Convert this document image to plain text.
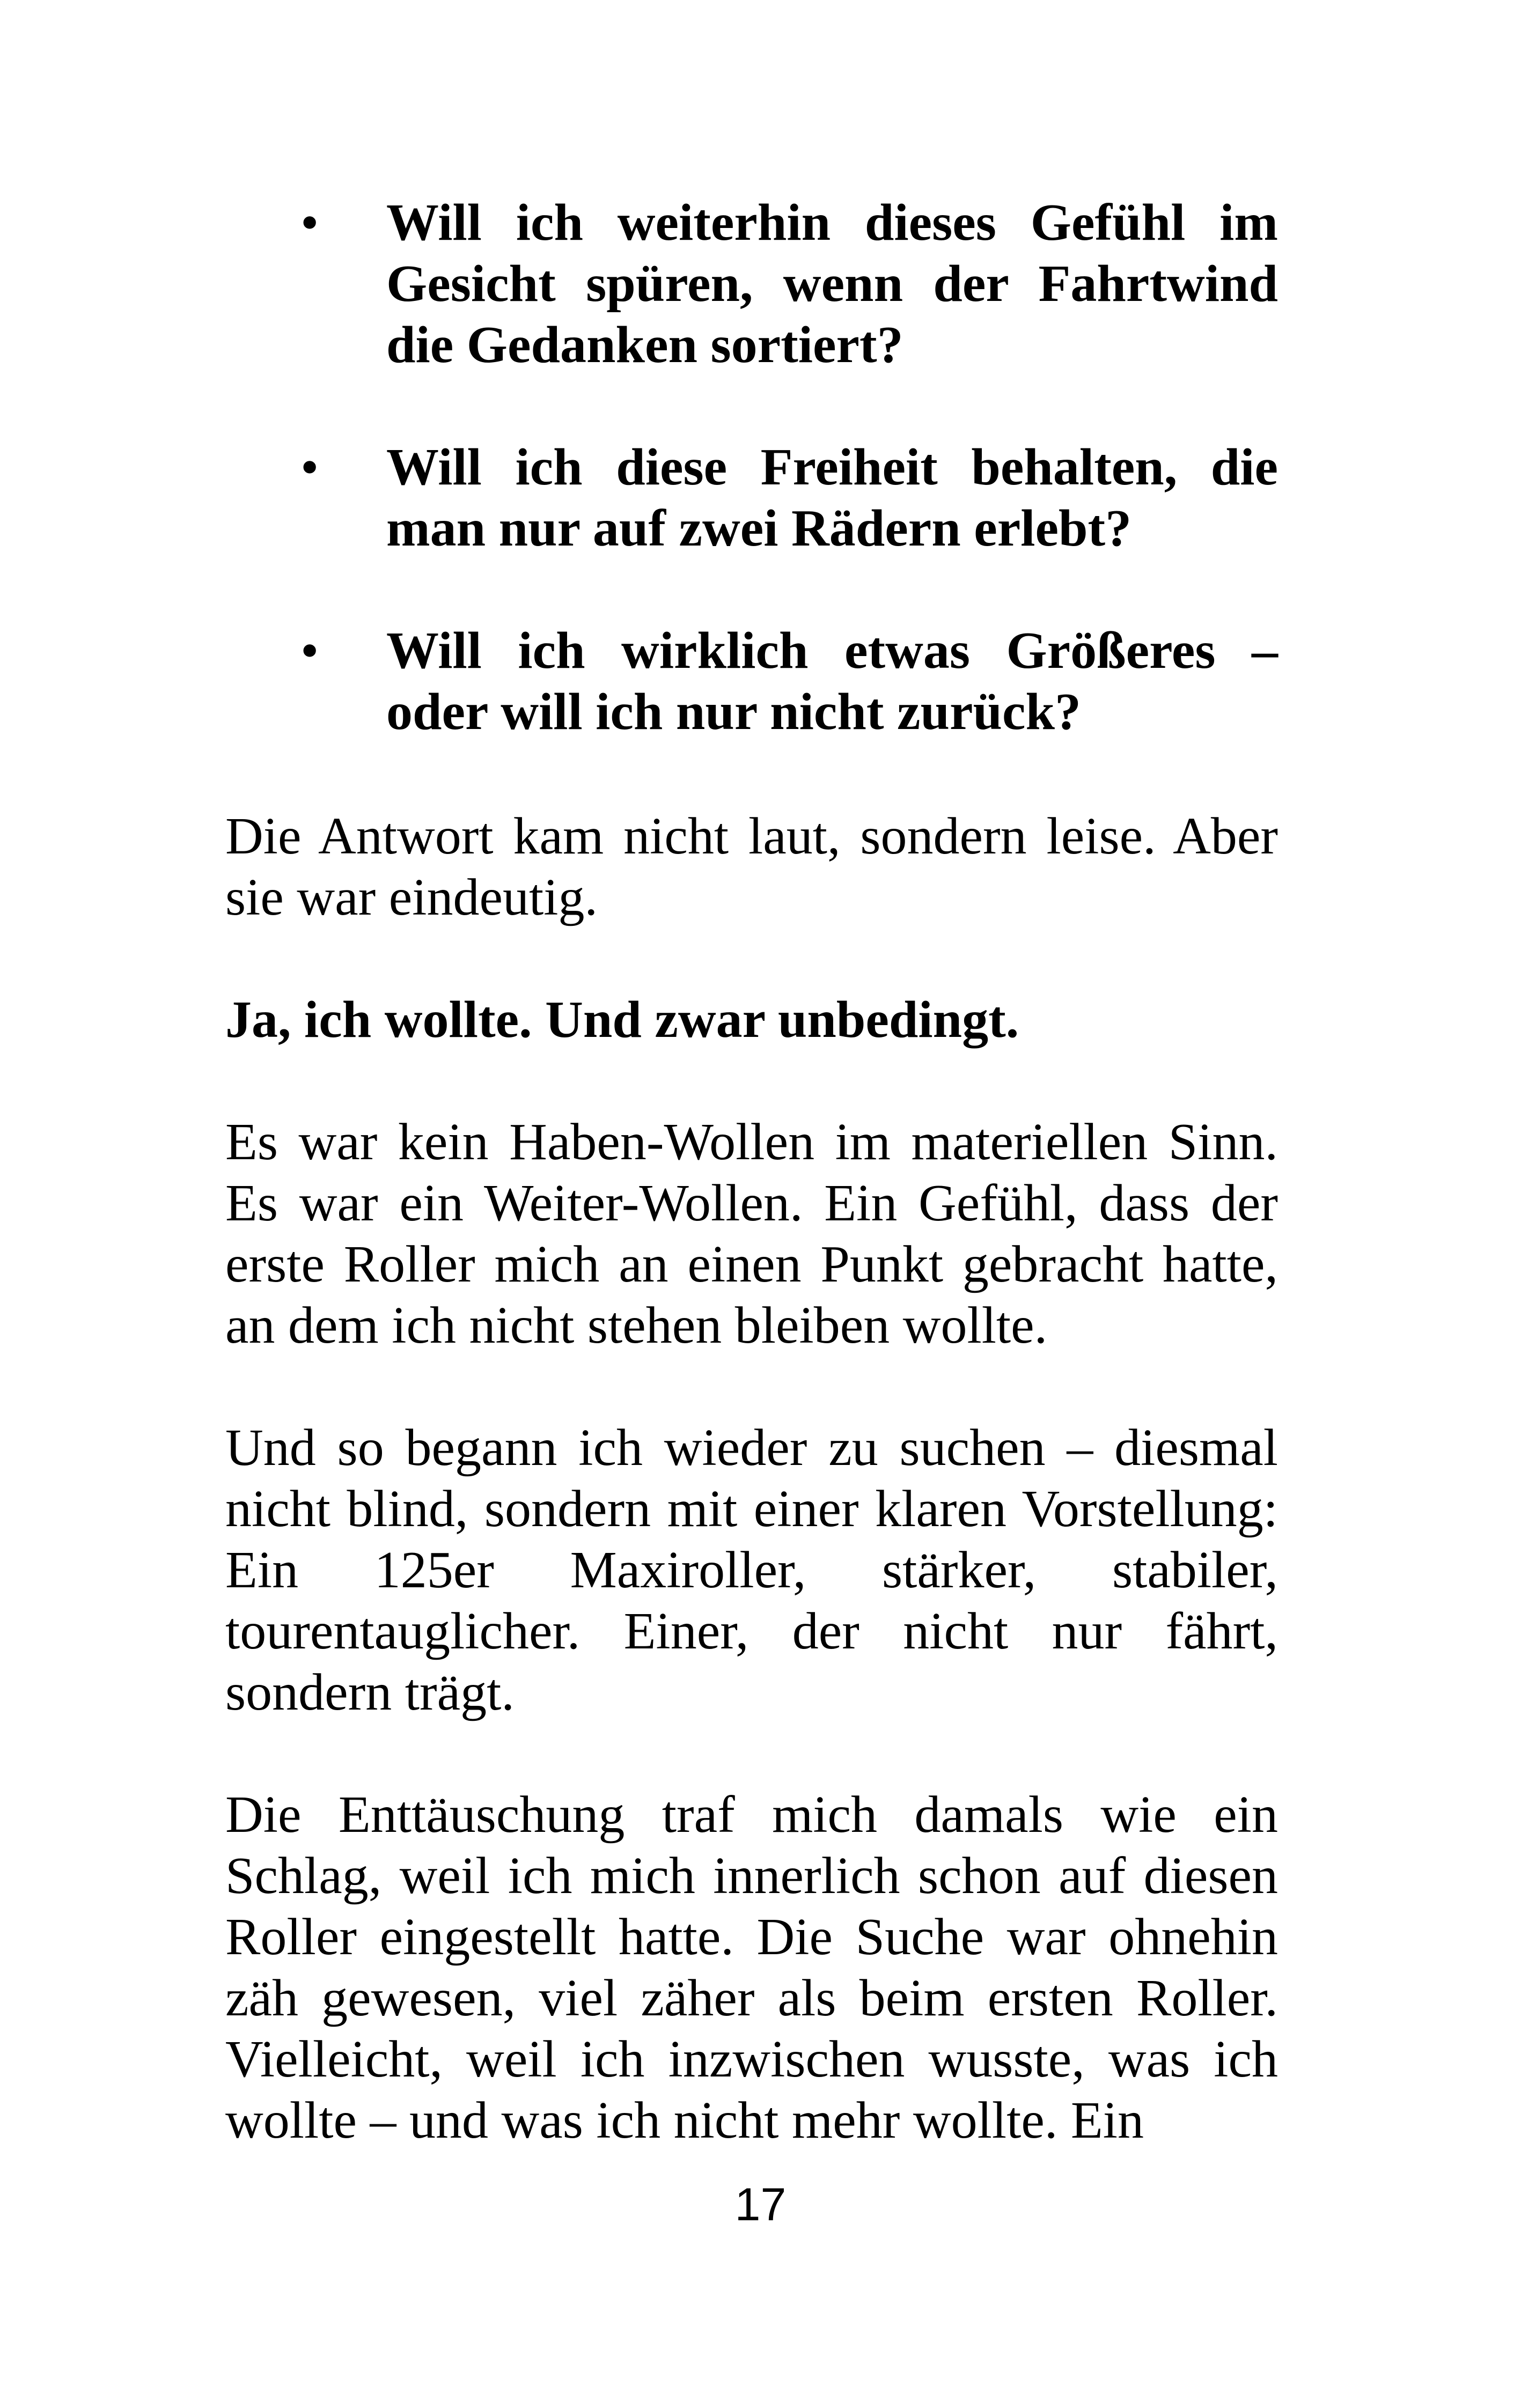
• Will ich weiterhin dieses Gefühl im Gesicht spüren, wenn der Fahrtwind die Gedanken sortiert?
• Will ich diese Freiheit behalten, die man nur auf zwei Rädern erlebt?
• Will ich wirklich etwas Größeres – oder will ich nur nicht zurück?

Die Antwort kam nicht laut, sondern leise. Aber sie war eindeutig.

Ja, ich wollte. Und zwar unbedingt.

Es war kein Haben-Wollen im materiellen Sinn. Es war ein Weiter-Wollen. Ein Gefühl, dass der erste Roller mich an einen Punkt gebracht hatte, an dem ich nicht stehen bleiben wollte.

Und so begann ich wieder zu suchen – diesmal nicht blind, sondern mit einer klaren Vorstellung: Ein 125er Maxiroller, stärker, stabiler, tourentauglicher. Einer, der nicht nur fährt, sondern trägt.

Die Enttäuschung traf mich damals wie ein Schlag, weil ich mich innerlich schon auf diesen Roller eingestellt hatte. Die Suche war ohnehin zäh gewesen, viel zäher als beim ersten Roller. Vielleicht, weil ich inzwischen wusste, was ich wollte – und was ich nicht mehr wollte. Ein

17
